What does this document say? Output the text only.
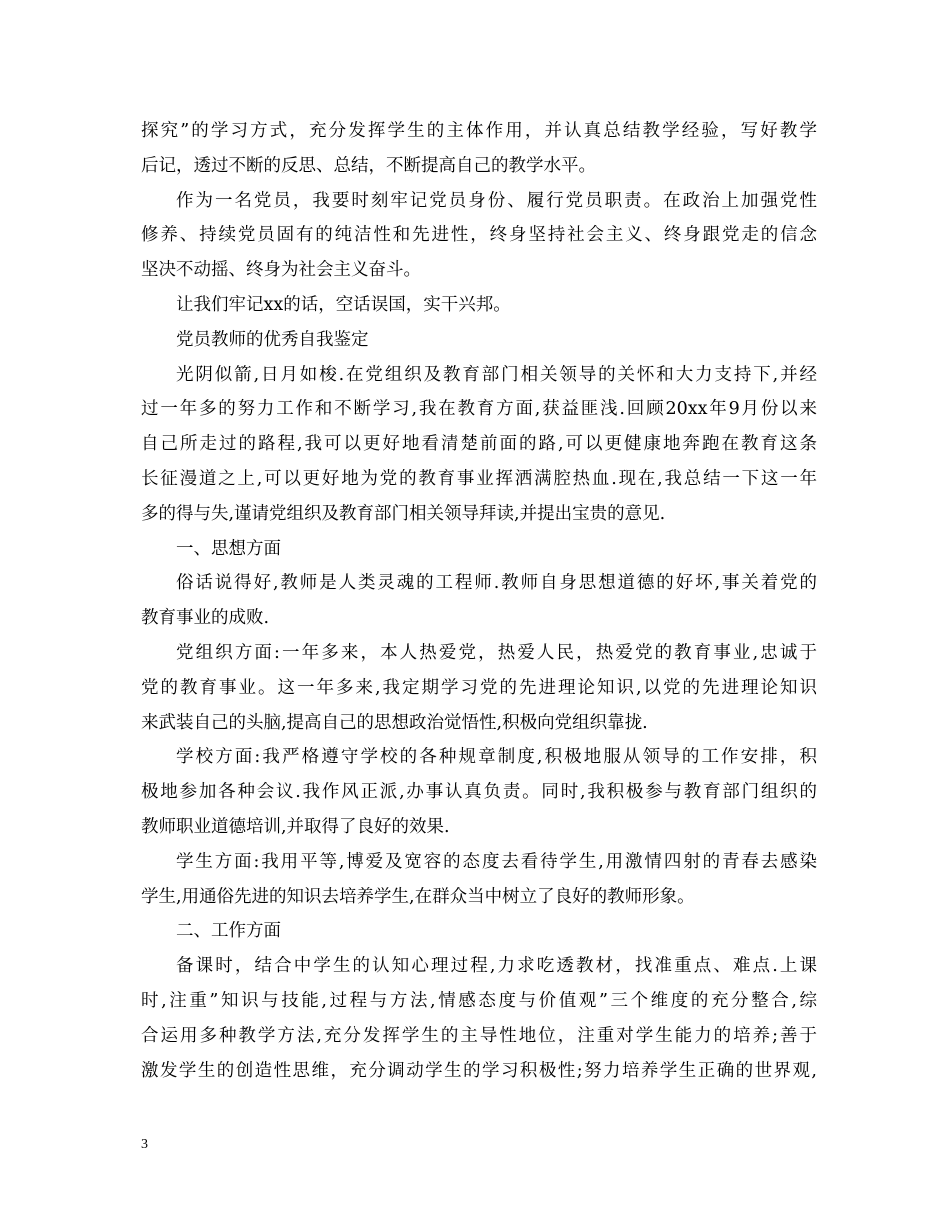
探究”的学习方式，充分发挥学生的主体作用，并认真总结教学经验，写好教学
后记，透过不断的反思、总结，不断提高自己的教学水平。
作为一名党员，我要时刻牢记党员身份、履行党员职责。在政治上加强党性
修养、持续党员固有的纯洁性和先进性，终身坚持社会主义、终身跟党走的信念
坚决不动摇、终身为社会主义奋斗。
让我们牢记xx的话，空话误国，实干兴邦。
党员教师的优秀自我鉴定
光阴似箭,日月如梭.在党组织及教育部门相关领导的关怀和大力支持下,并经
过一年多的努力工作和不断学习,我在教育方面,获益匪浅.回顾20xx年9月份以来
自己所走过的路程,我可以更好地看清楚前面的路,可以更健康地奔跑在教育这条
长征漫道之上,可以更好地为党的教育事业挥洒满腔热血.现在,我总结一下这一年
多的得与失,谨请党组织及教育部门相关领导拜读,并提出宝贵的意见.
一、思想方面
俗话说得好,教师是人类灵魂的工程师.教师自身思想道德的好坏,事关着党的
教育事业的成败.
党组织方面:一年多来，本人热爱党，热爱人民，热爱党的教育事业,忠诚于
党的教育事业。这一年多来,我定期学习党的先进理论知识,以党的先进理论知识
来武装自己的头脑,提高自己的思想政治觉悟性,积极向党组织靠拢.
学校方面:我严格遵守学校的各种规章制度,积极地服从领导的工作安排，积
极地参加各种会议.我作风正派,办事认真负责。同时,我积极参与教育部门组织的
教师职业道德培训,并取得了良好的效果.
学生方面:我用平等,博爱及宽容的态度去看待学生,用激情四射的青春去感染
学生,用通俗先进的知识去培养学生,在群众当中树立了良好的教师形象。
二、工作方面
备课时，结合中学生的认知心理过程,力求吃透教材，找准重点、难点.上课
时,注重”知识与技能,过程与方法,情感态度与价值观”三个维度的充分整合,综
合运用多种教学方法,充分发挥学生的主导性地位，注重对学生能力的培养;善于
激发学生的创造性思维，充分调动学生的学习积极性;努力培养学生正确的世界观,
3
